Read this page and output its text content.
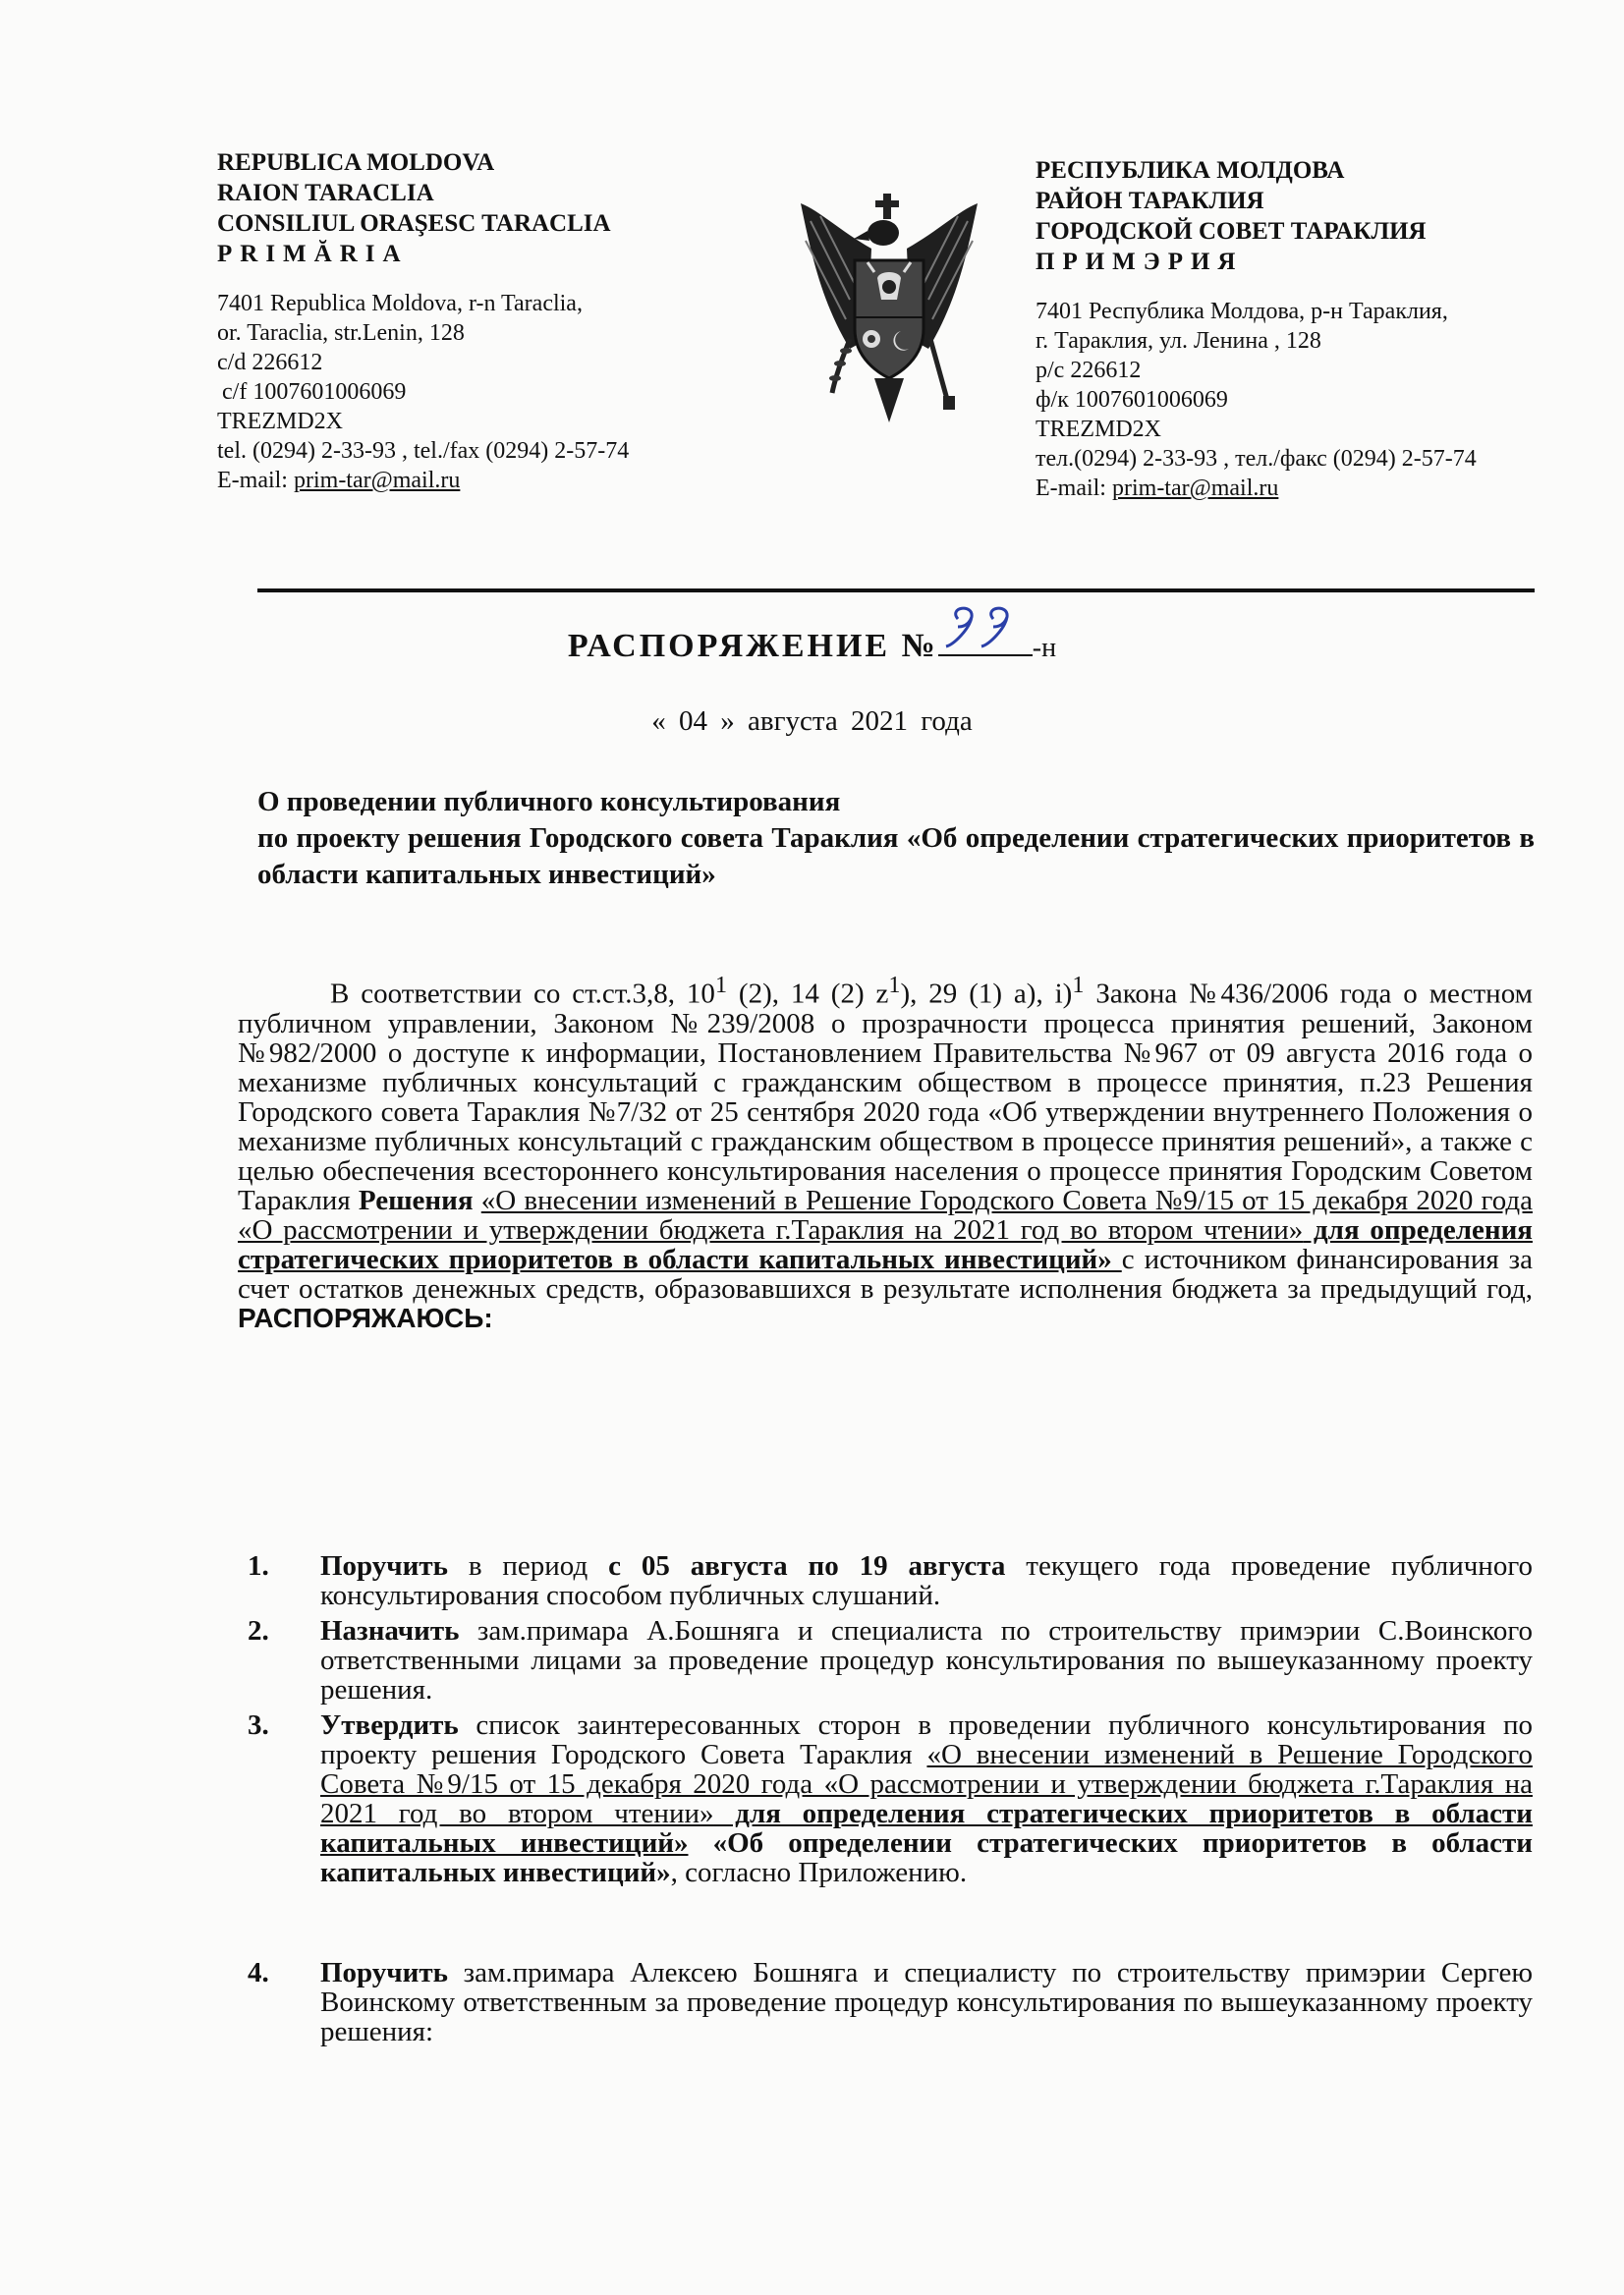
REPUBLICA MOLDOVA
RAION TARACLIA
CONSILIUL ORAŞESC TARACLIA
PRIMĂRIA
7401 Republica Moldova, r-n Taraclia,
or. Taraclia, str.Lenin, 128
c/d 226612
c/f 1007601006069
TREZMD2X
tel. (0294) 2-33-93 , tel./fax (0294) 2-57-74
E-mail: prim-tar@mail.ru
РЕСПУБЛИКА МОЛДОВА
РАЙОН ТАРАКЛИЯ
ГОРОДСКОЙ СОВЕТ ТАРАКЛИЯ
ПРИМЭРИЯ
7401 Республика Молдова, р-н Тараклия,
г. Тараклия, ул. Ленина , 128
р/с 226612
ф/к 1007601006069
TREZMD2X
тел.(0294) 2-33-93 , тел./факс (0294) 2-57-74
E-mail: prim-tar@mail.ru
РАСПОРЯЖЕНИЕ №	-н
« 04 » августа 2021 года
О проведении публичного консультирования
по проекту решения Городского совета Тараклия «Об определении стратегических приоритетов в области капитальных инвестиций»

В соответствии со ст.ст.3,8, $10^1$ (2), 14 (2) $z^1$), 29 (1) а), i)$^1$ Закона №436/2006 года о местном публичном управлении, Законом №239/2008 о прозрачности процесса принятия решений, Законом №982/2000 о доступе к информации, Постановлением Правительства №967 от 09 августа 2016 года о механизме публичных консультаций с гражданским обществом в процессе принятия, п.23 Решения Городского совета Тараклия №7/32 от 25 сентября 2020 года «Об утверждении внутреннего Положения о механизме публичных консультаций с гражданским обществом в процессе принятия решений», а также с целью обеспечения всестороннего консультирования населения о процессе принятия Городским Советом Тараклия Решения «О внесении изменений в Решение Городского Совета №9/15 от 15 декабря 2020 года «О рассмотрении и утверждении бюджета г.Тараклия на 2021 год во втором чтении» для определения стратегических приоритетов в области капитальных инвестиций» с источником финансирования за счет остатков денежных средств, образовавшихся в результате исполнения бюджета за предыдущий год, РАСПОРЯЖАЮСЬ:

1. Поручить в период с 05 августа по 19 августа текущего года проведение публичного консультирования способом публичных слушаний.
2. Назначить зам.примара А.Бошняга и специалиста по строительству примэрии С.Воинского ответственными лицами за проведение процедур консультирования по вышеуказанному проекту решения.
3. Утвердить список заинтересованных сторон в проведении публичного консультирования по проекту решения Городского Совета Тараклия «О внесении изменений в Решение Городского Совета №9/15 от 15 декабря 2020 года «О рассмотрении и утверждении бюджета г.Тараклия на 2021 год во втором чтении» для определения стратегических приоритетов в области капитальных инвестиций» «Об определении стратегических приоритетов в области капитальных инвестиций», согласно Приложению.
4. Поручить зам.примара Алексею Бошняга и специалисту по строительству примэрии Сергею Воинскому ответственным за проведение процедур консультирования по вышеуказанному проекту решения:
